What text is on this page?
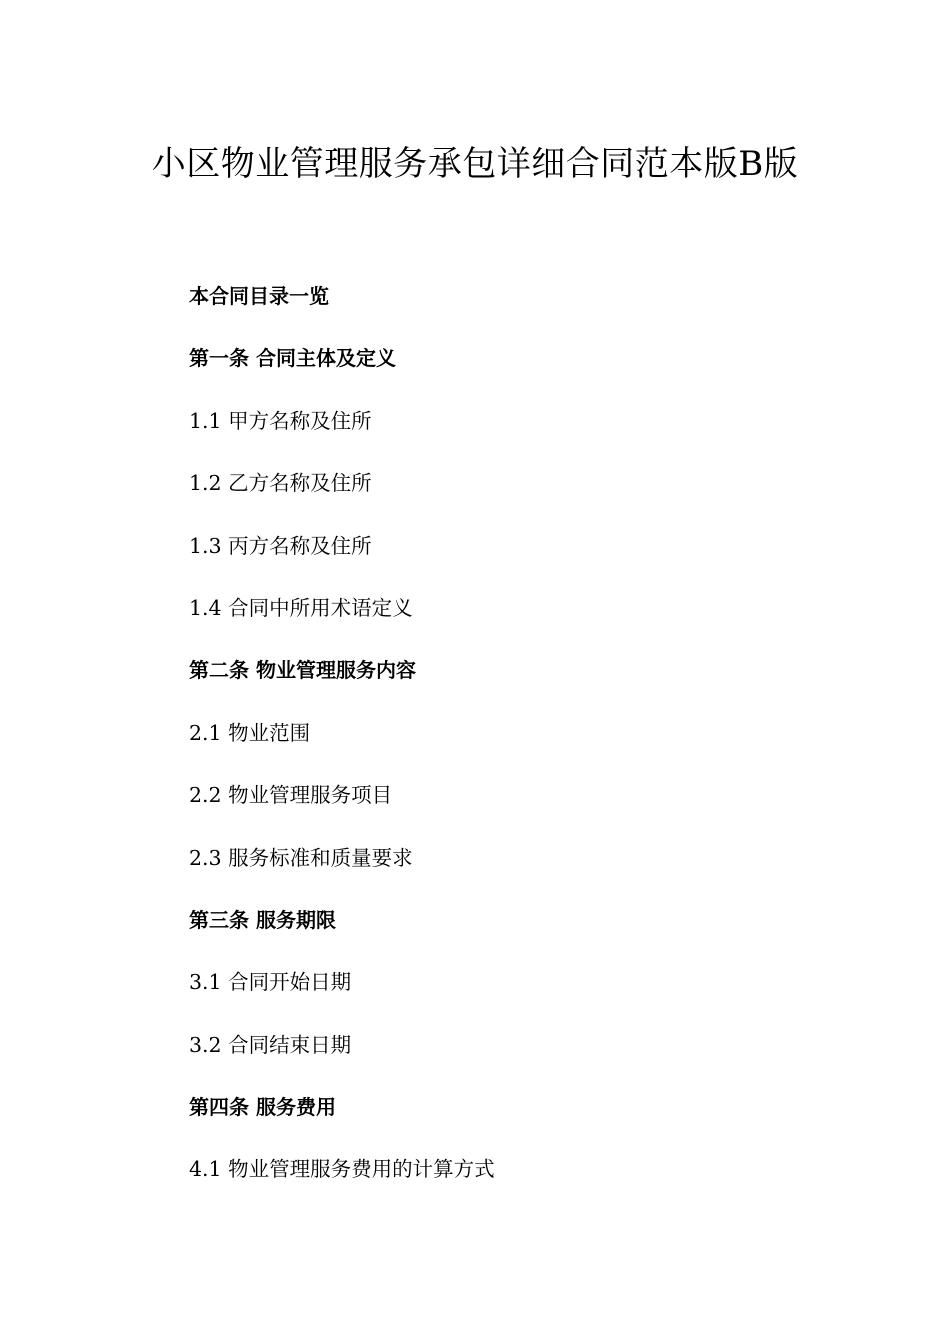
小区物业管理服务承包详细合同范本版B版
本合同目录一览
第一条 合同主体及定义
1.1 甲方名称及住所
1.2 乙方名称及住所
1.3 丙方名称及住所
1.4 合同中所用术语定义
第二条 物业管理服务内容
2.1 物业范围
2.2 物业管理服务项目
2.3 服务标准和质量要求
第三条 服务期限
3.1 合同开始日期
3.2 合同结束日期
第四条 服务费用
4.1 物业管理服务费用的计算方式
